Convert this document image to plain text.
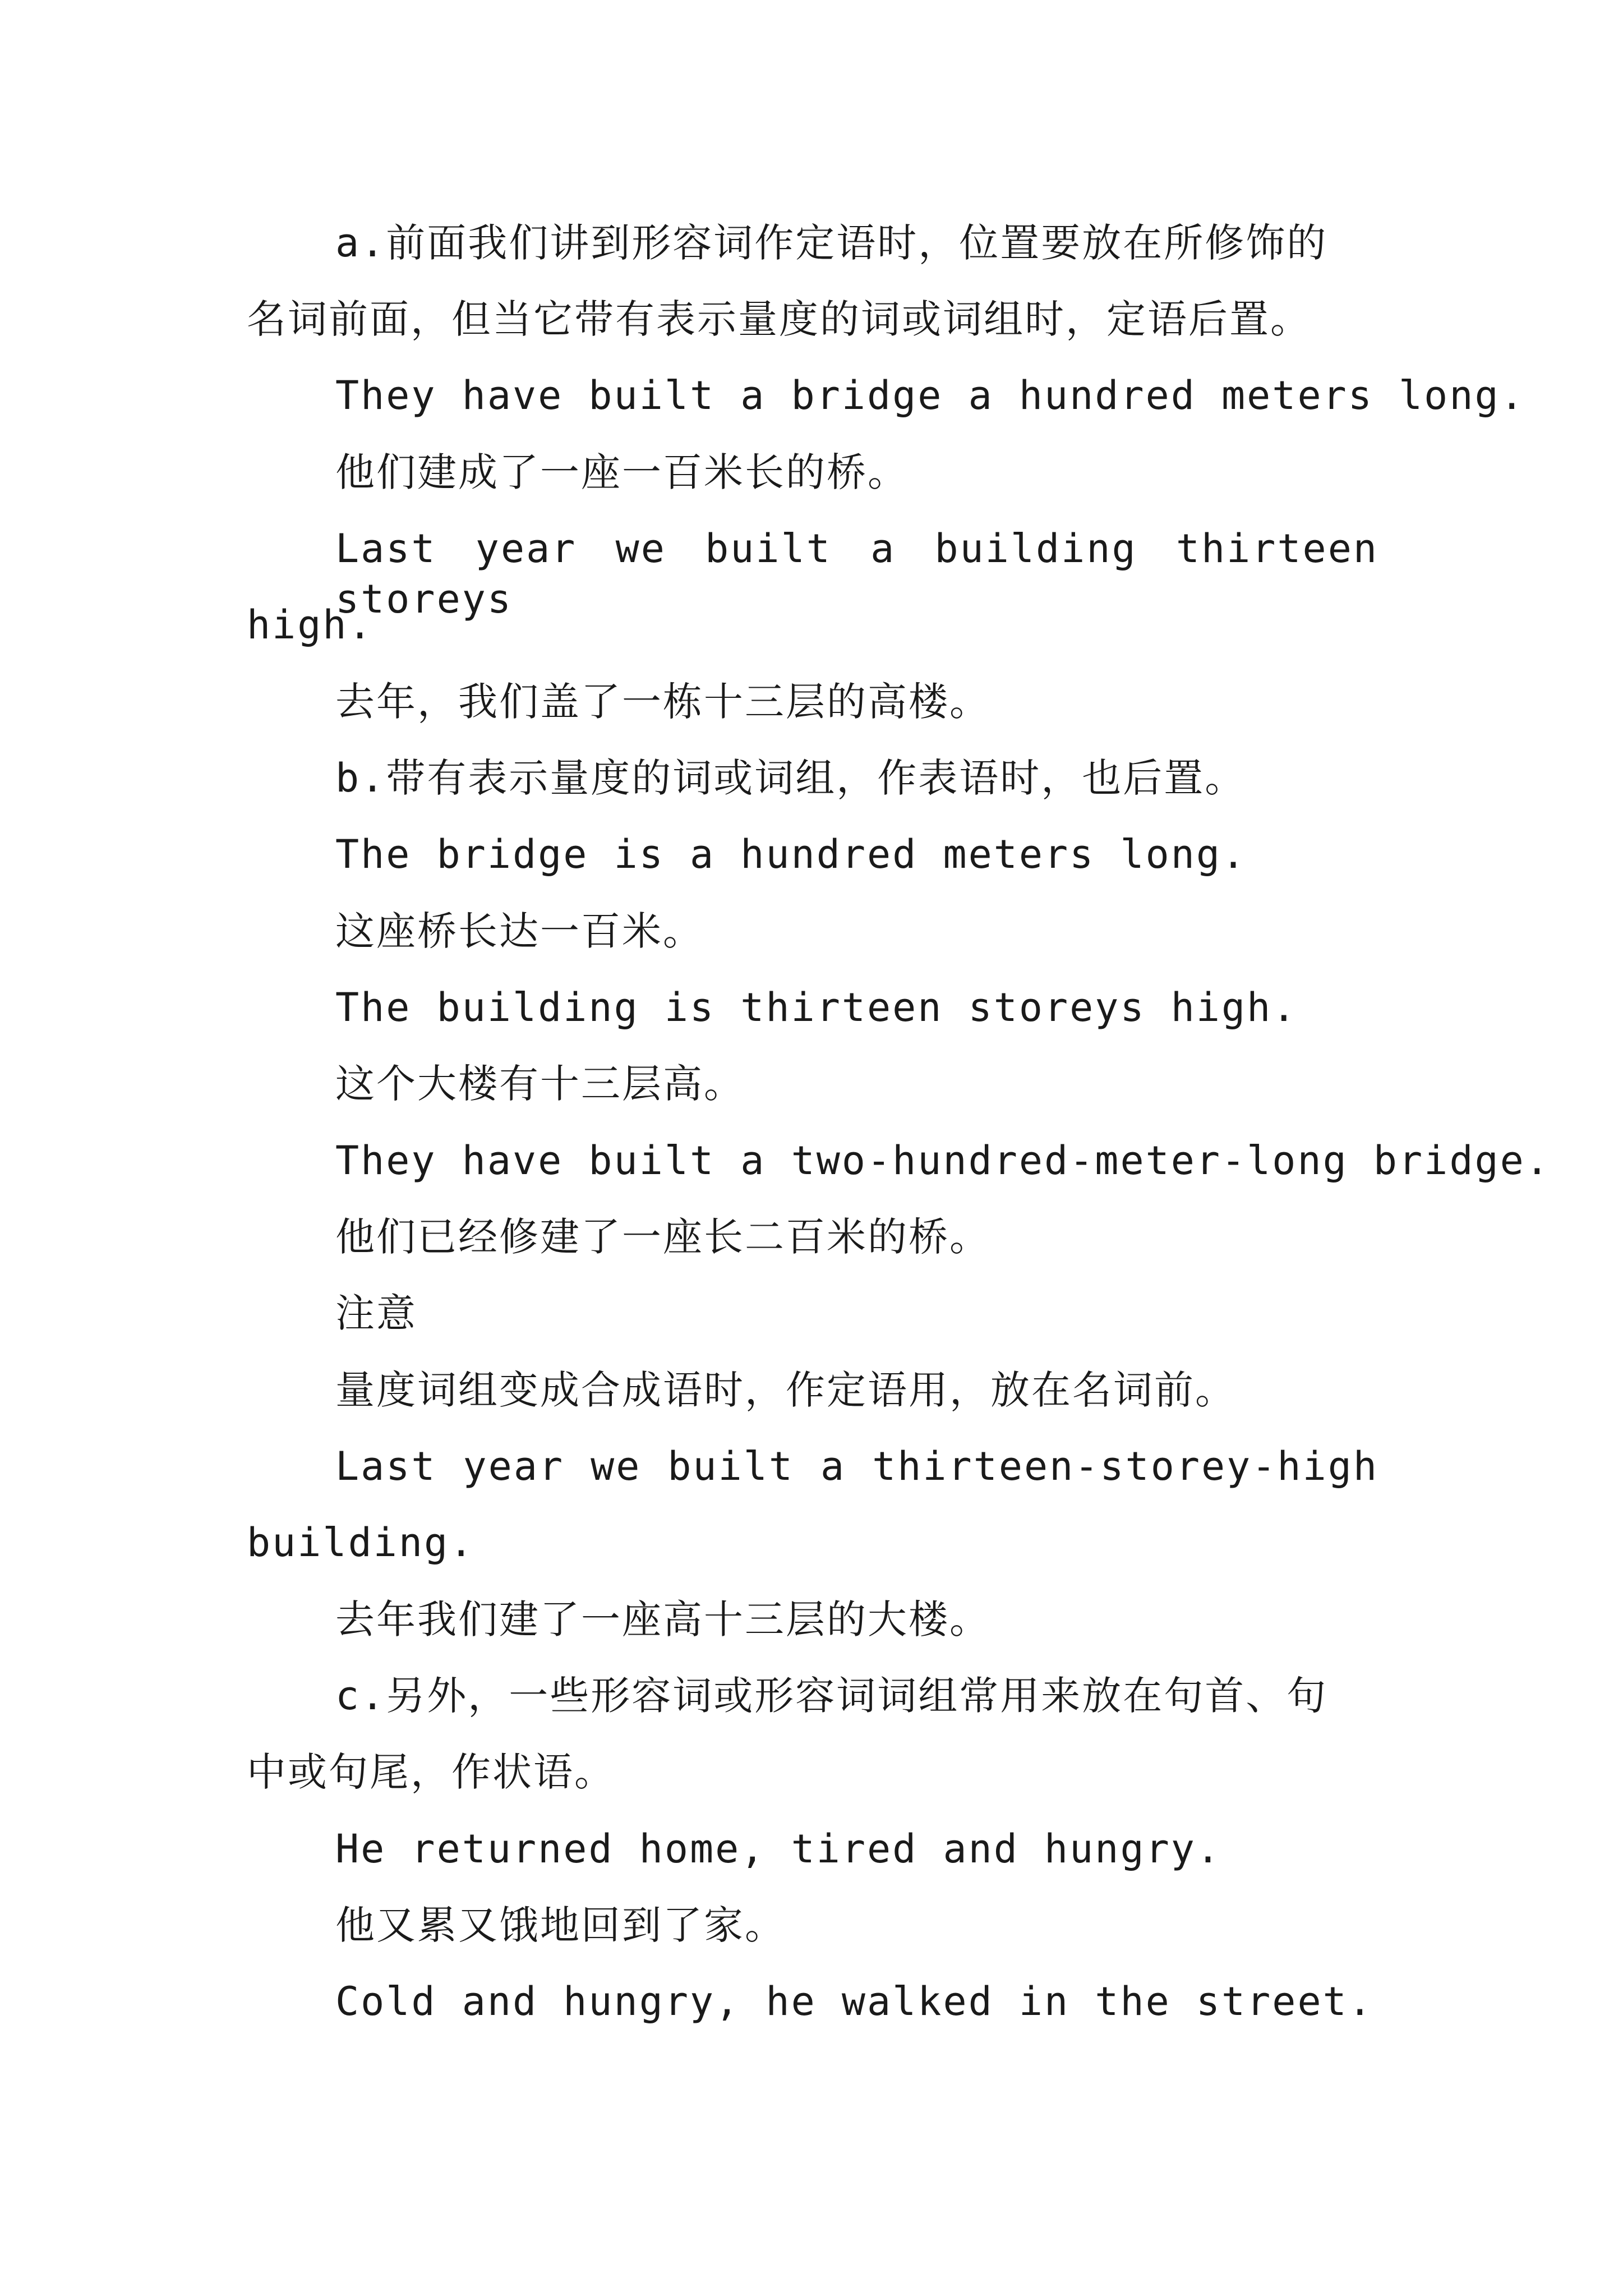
a.前面我们讲到形容词作定语时，位置要放在所修饰的
名词前面，但当它带有表示量度的词或词组时，定语后置。
They have built a bridge a hundred meters long.
他们建成了一座一百米长的桥。
Last year we built a building thirteen storeys
high.
去年，我们盖了一栋十三层的高楼。
b.带有表示量度的词或词组，作表语时，也后置。
The bridge is a hundred meters long.
这座桥长达一百米。
The building is thirteen storeys high.
这个大楼有十三层高。
They have built a two-hundred-meter-long bridge.
他们已经修建了一座长二百米的桥。
注意
量度词组变成合成语时，作定语用，放在名词前。
Last year we built a thirteen-storey-high
building.
去年我们建了一座高十三层的大楼。
c.另外，一些形容词或形容词词组常用来放在句首、句
中或句尾，作状语。
He returned home, tired and hungry.
他又累又饿地回到了家。
Cold and hungry, he walked in the street.
